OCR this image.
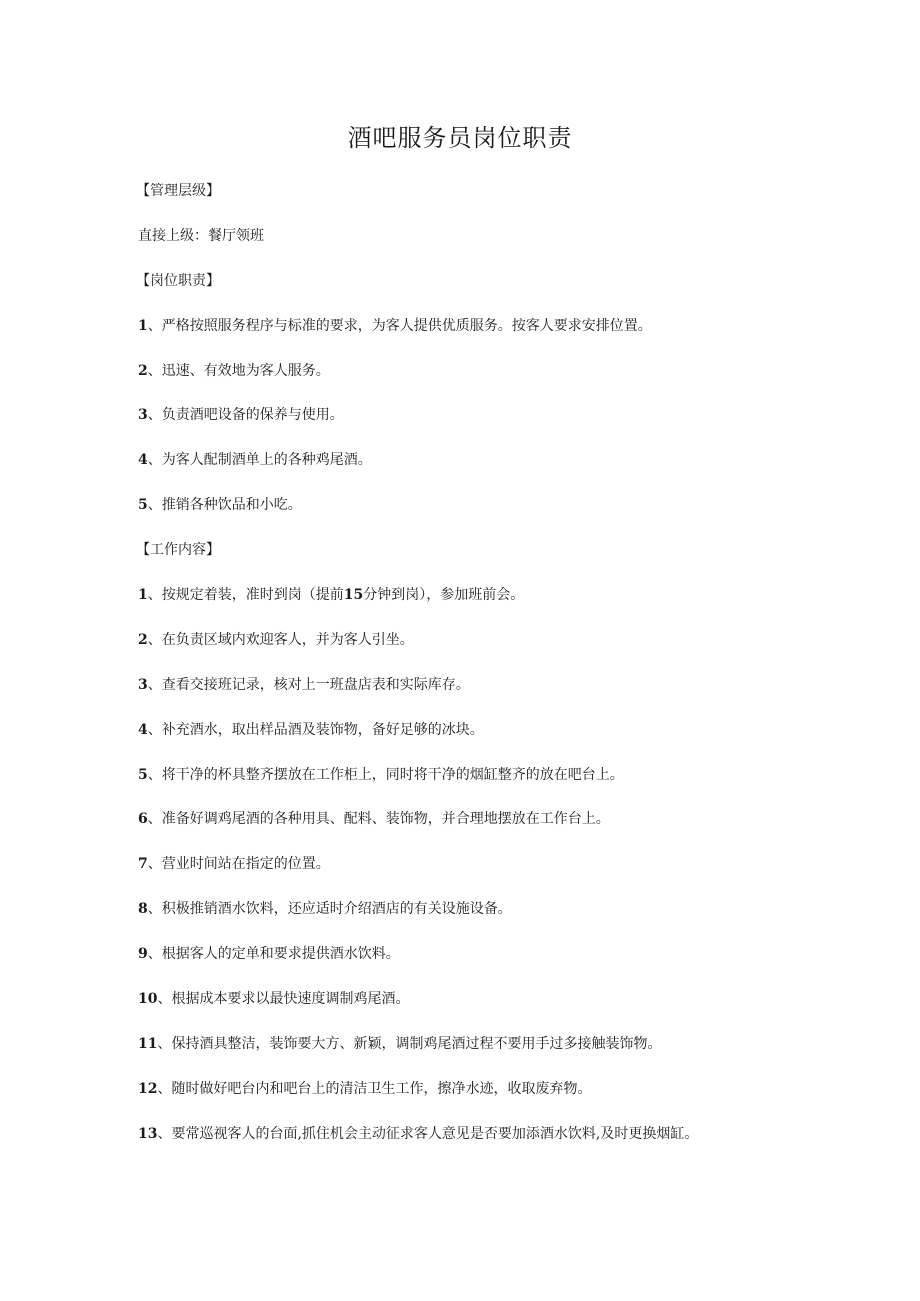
酒吧服务员岗位职责
【管理层级】
直接上级：餐厅领班
【岗位职责】
1、严格按照服务程序与标准的要求，为客人提供优质服务。按客人要求安排位置。
2、迅速、有效地为客人服务。
3、负责酒吧设备的保养与使用。
4、为客人配制酒单上的各种鸡尾酒。
5、推销各种饮品和小吃。
【工作内容】
1、按规定着装，准时到岗（提前15分钟到岗），参加班前会。
2、在负责区域内欢迎客人，并为客人引坐。
3、查看交接班记录，核对上一班盘店表和实际库存。
4、补充酒水，取出样品酒及装饰物，备好足够的冰块。
5、将干净的杯具整齐摆放在工作柜上，同时将干净的烟缸整齐的放在吧台上。
6、准备好调鸡尾酒的各种用具、配料、装饰物，并合理地摆放在工作台上。
7、营业时间站在指定的位置。
8、积极推销酒水饮料，还应适时介绍酒店的有关设施设备。
9、根据客人的定单和要求提供酒水饮料。
10、根据成本要求以最快速度调制鸡尾酒。
11、保持酒具整洁，装饰要大方、新颖，调制鸡尾酒过程不要用手过多接触装饰物。
12、随时做好吧台内和吧台上的清洁卫生工作，擦净水迹，收取废弃物。
13、要常巡视客人的台面,抓住机会主动征求客人意见是否要加添酒水饮料,及时更换烟缸。
